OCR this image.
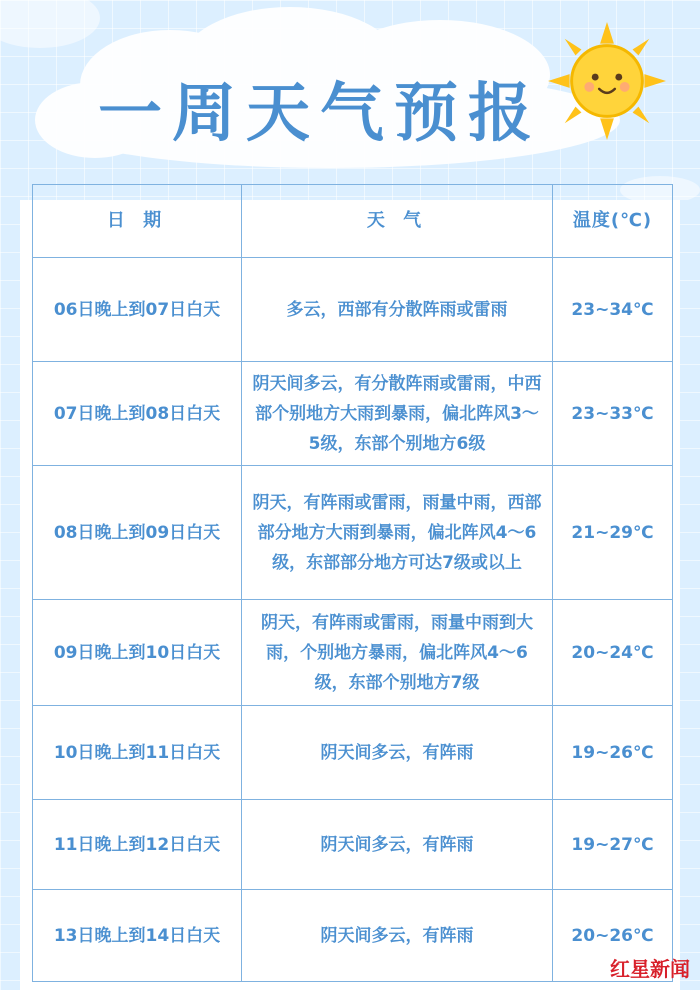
一周天气预报
日 期	天 气	温度(℃)
06日晚上到07日白天	多云，西部有分散阵雨或雷雨	23~34℃
07日晚上到08日白天	阴天间多云，有分散阵雨或雷雨，中西部个别地方大雨到暴雨，偏北阵风3～5级，东部个别地方6级	23~33℃
08日晚上到09日白天	阴天，有阵雨或雷雨，雨量中雨，西部部分地方大雨到暴雨，偏北阵风4～6级，东部部分地方可达7级或以上	21~29℃
09日晚上到10日白天	阴天，有阵雨或雷雨，雨量中雨到大雨，个别地方暴雨，偏北阵风4～6级，东部个别地方7级	20~24℃
10日晚上到11日白天	阴天间多云，有阵雨	19~26℃
11日晚上到12日白天	阴天间多云，有阵雨	19~27℃
13日晚上到14日白天	阴天间多云，有阵雨	20~26℃
红星新闻
